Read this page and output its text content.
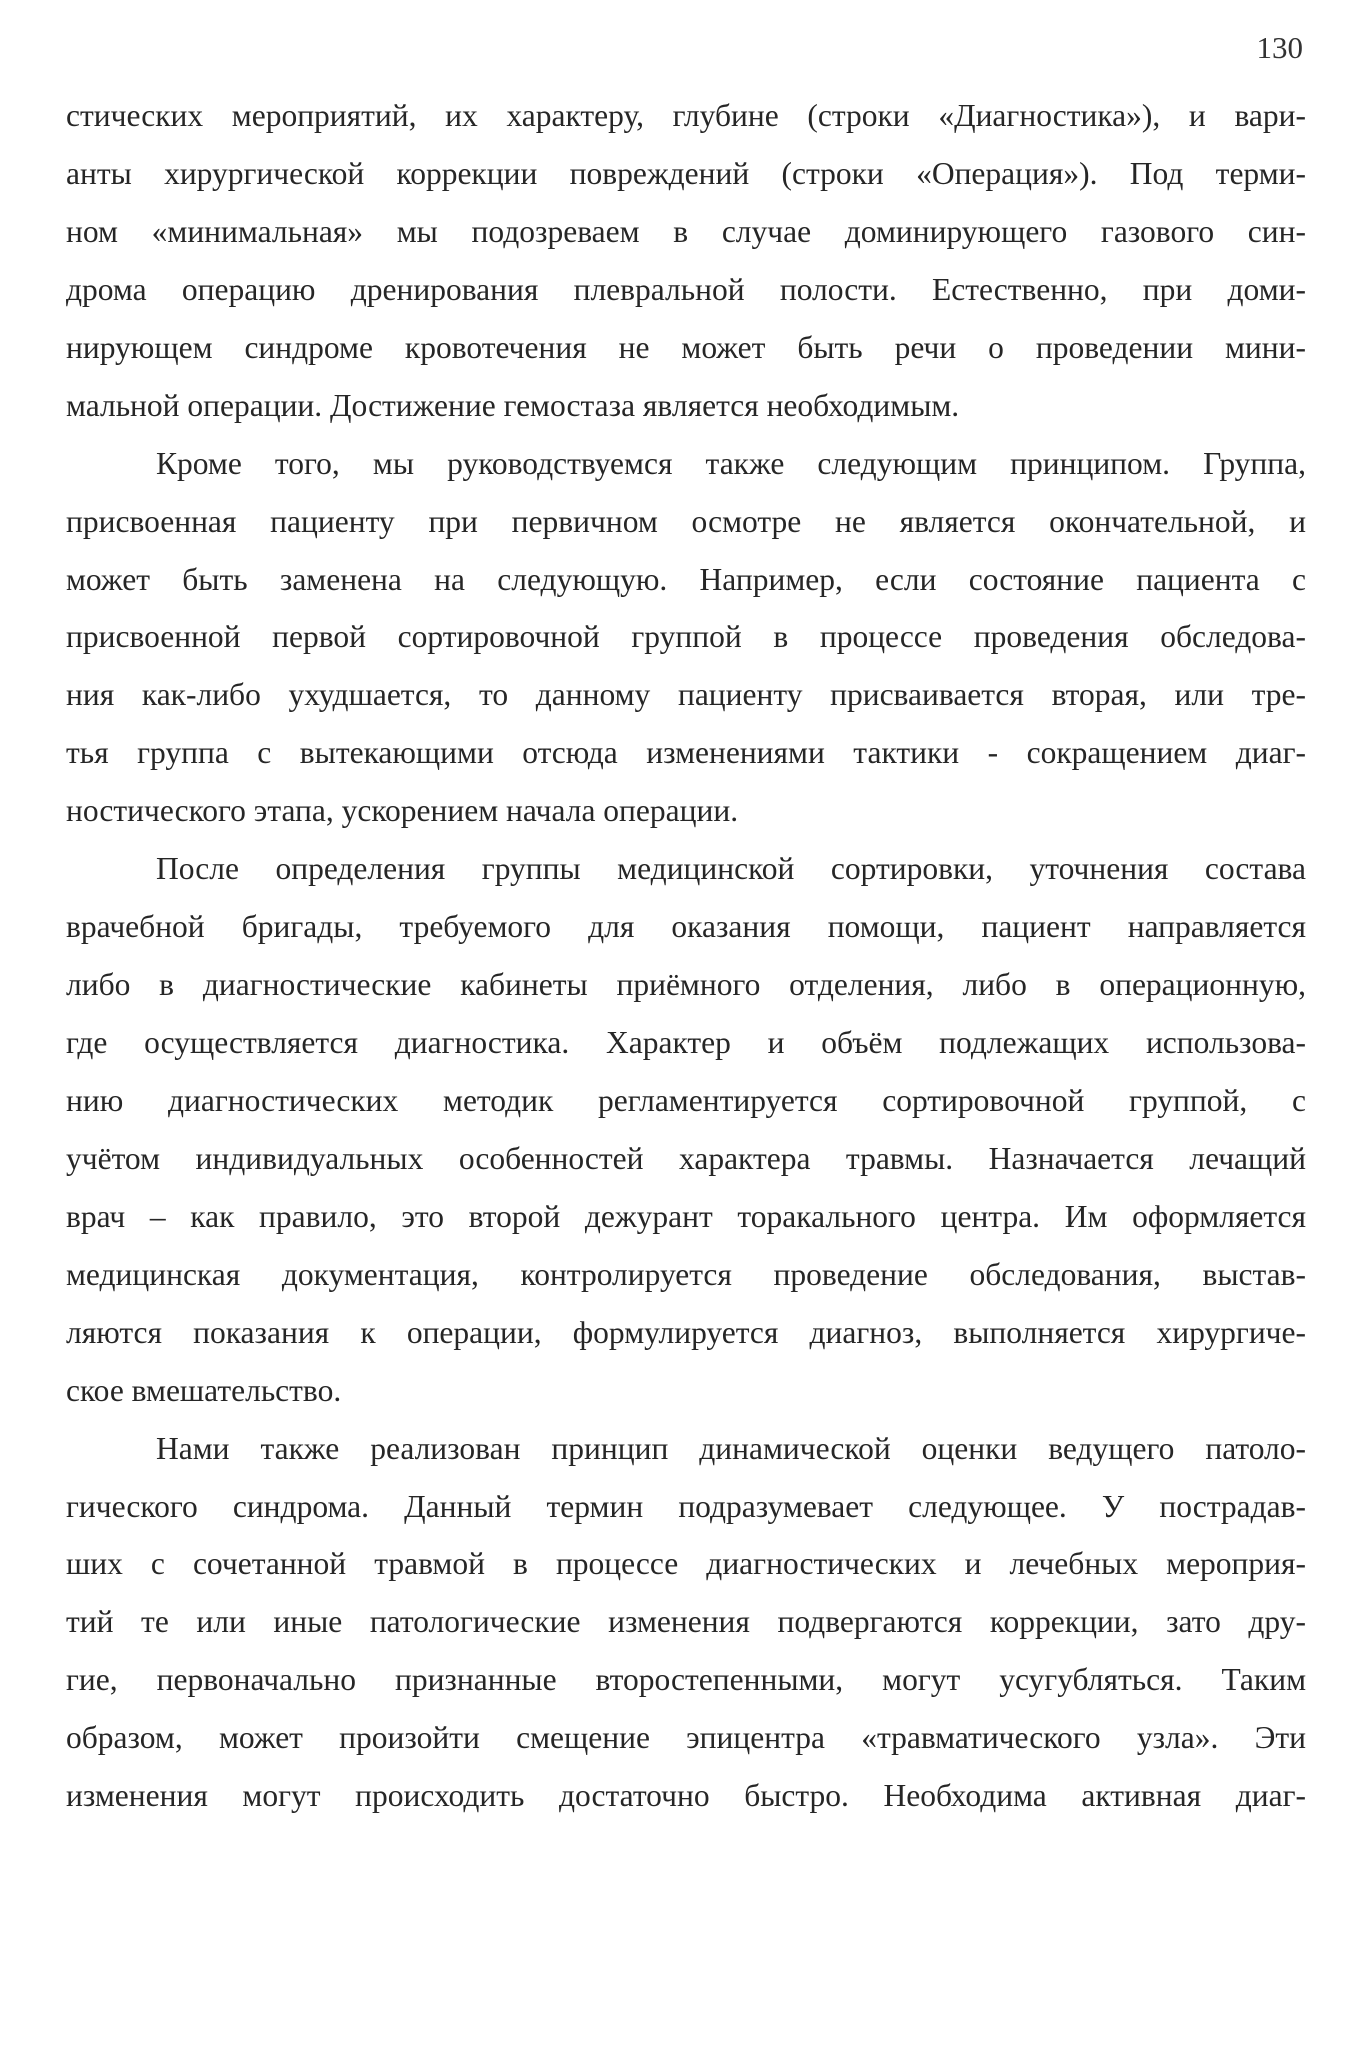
130
стических мероприятий, их характеру, глубине (строки «Диагностика»), и вари-
анты хирургической коррекции повреждений (строки «Операция»). Под терми-
ном «минимальная» мы подозреваем в случае доминирующего газового син-
дрома операцию дренирования плевральной полости. Естественно, при доми-
нирующем синдроме кровотечения не может быть речи о проведении мини-
мальной операции. Достижение гемостаза является необходимым.
Кроме того, мы руководствуемся также следующим принципом. Группа,
присвоенная пациенту при первичном осмотре не является окончательной, и
может быть заменена на следующую. Например, если состояние пациента с
присвоенной первой сортировочной группой в процессе проведения обследова-
ния как-либо ухудшается, то данному пациенту присваивается вторая, или тре-
тья группа с вытекающими отсюда изменениями тактики - сокращением диаг-
ностического этапа, ускорением начала операции.
После определения группы медицинской сортировки, уточнения состава
врачебной бригады, требуемого для оказания помощи, пациент направляется
либо в диагностические кабинеты приёмного отделения, либо в операционную,
где осуществляется диагностика. Характер и объём подлежащих использова-
нию диагностических методик регламентируется сортировочной группой, с
учётом индивидуальных особенностей характера травмы. Назначается лечащий
врач – как правило, это второй дежурант торакального центра. Им оформляется
медицинская документация, контролируется проведение обследования, выстав-
ляются показания к операции, формулируется диагноз, выполняется хирургиче-
ское вмешательство.
Нами также реализован принцип динамической оценки ведущего патоло-
гического синдрома. Данный термин подразумевает следующее. У пострадав-
ших с сочетанной травмой в процессе диагностических и лечебных мероприя-
тий те или иные патологические изменения подвергаются коррекции, зато дру-
гие, первоначально признанные второстепенными, могут усугубляться. Таким
образом, может произойти смещение эпицентра «травматического узла». Эти
изменения могут происходить достаточно быстро. Необходима активная диаг-
